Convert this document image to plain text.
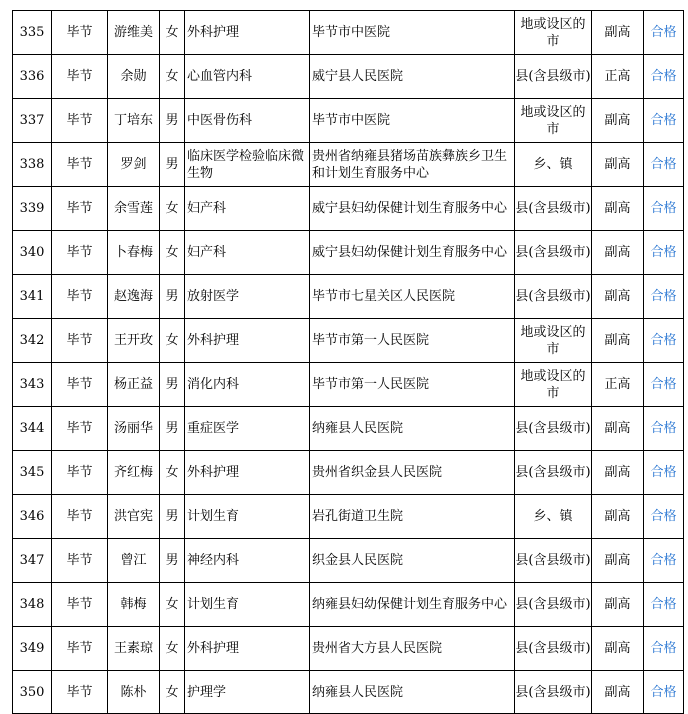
335	毕节	游维美	女	外科护理	毕节市中医院	地或设区的市	副高	合格
336	毕节	余勋	女	心血管内科	威宁县人民医院	县(含县级市)	正高	合格
337	毕节	丁培东	男	中医骨伤科	毕节市中医院	地或设区的市	副高	合格
338	毕节	罗剑	男	临床医学检验临床微生物	贵州省纳雍县猪场苗族彝族乡卫生和计划生育服务中心	乡、镇	副高	合格
339	毕节	余雪莲	女	妇产科	威宁县妇幼保健计划生育服务中心	县(含县级市)	副高	合格
340	毕节	卜春梅	女	妇产科	威宁县妇幼保健计划生育服务中心	县(含县级市)	副高	合格
341	毕节	赵逸海	男	放射医学	毕节市七星关区人民医院	县(含县级市)	副高	合格
342	毕节	王开玫	女	外科护理	毕节市第一人民医院	地或设区的市	副高	合格
343	毕节	杨正益	男	消化内科	毕节市第一人民医院	地或设区的市	正高	合格
344	毕节	汤丽华	男	重症医学	纳雍县人民医院	县(含县级市)	副高	合格
345	毕节	齐红梅	女	外科护理	贵州省织金县人民医院	县(含县级市)	副高	合格
346	毕节	洪官宪	男	计划生育	岩孔街道卫生院	乡、镇	副高	合格
347	毕节	曾江	男	神经内科	织金县人民医院	县(含县级市)	副高	合格
348	毕节	韩梅	女	计划生育	纳雍县妇幼保健计划生育服务中心	县(含县级市)	副高	合格
349	毕节	王素琼	女	外科护理	贵州省大方县人民医院	县(含县级市)	副高	合格
350	毕节	陈朴	女	护理学	纳雍县人民医院	县(含县级市)	副高	合格
